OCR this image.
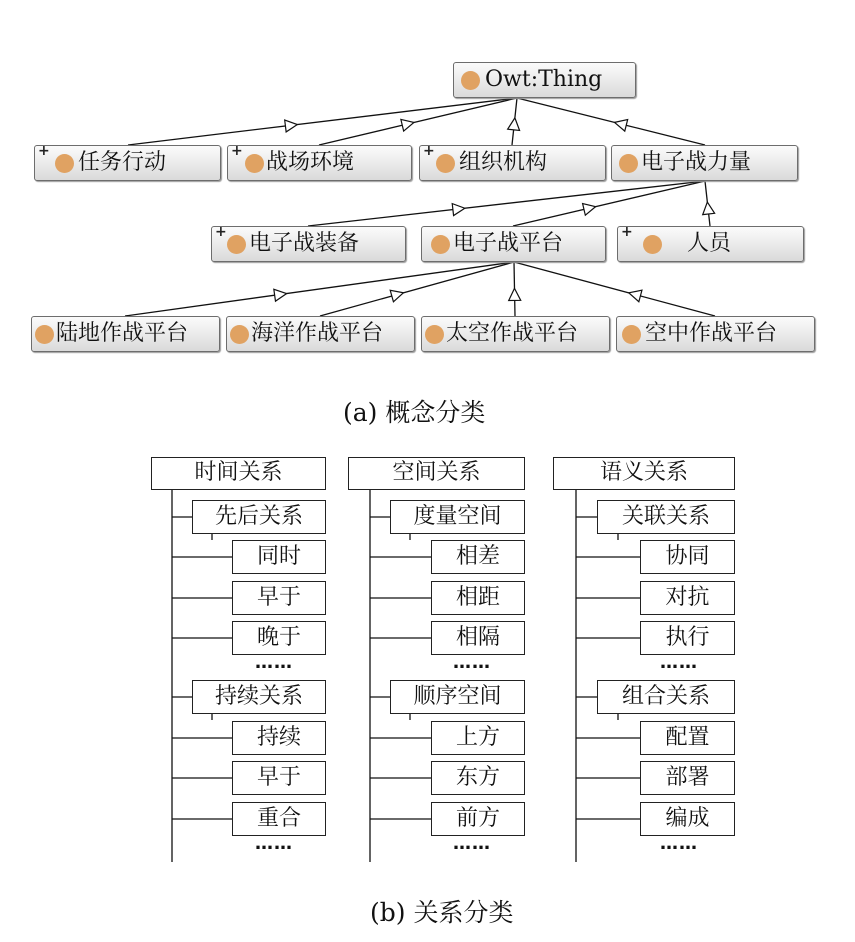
Owt:Thing
+ 任务行动	+ 战场环境	+ 组织机构	电子战力量
+ 电子战装备	电子战平台	+ 人员
陆地作战平台	海洋作战平台	太空作战平台	空中作战平台
(a) 概念分类
时间关系
先后关系
同时
早于
晚于
……
持续关系
持续
早于
重合
……
空间关系
度量空间
相差
相距
相隔
……
顺序空间
上方
东方
前方
……
语义关系
关联关系
协同
对抗
执行
……
组合关系
配置
部署
编成
……
(b) 关系分类
